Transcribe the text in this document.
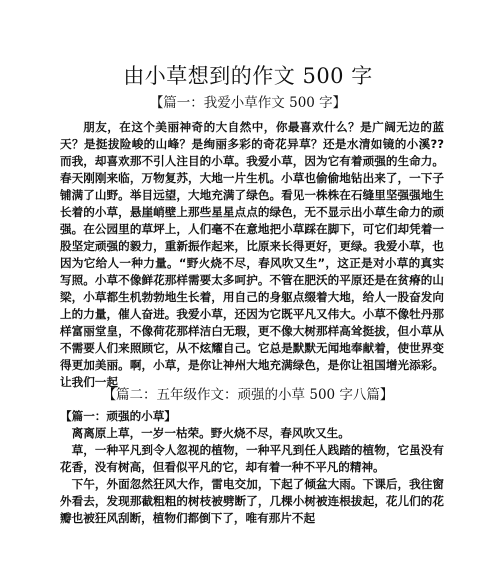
由小草想到的作文 500 字
【篇一：我爱小草作文 500 字】

朋友，在这个美丽神奇的大自然中，你最喜欢什么？是广阔无边的蓝天？是挺拔险峻的山峰？是绚丽多彩的奇花异草？还是水清如镜的小溪??而我，却喜欢那不引人注目的小草。我爱小草，因为它有着顽强的生命力。春天刚刚来临，万物复苏，大地一片生机。小草也偷偷地钻出来了，一下子铺满了山野。举目远望，大地充满了绿色。看见一株株在石缝里坚强强地生长着的小草，悬崖峭壁上那些星星点点的绿色，无不显示出小草生命力的顽强。在公园里的草坪上，人们毫不在意地把小草踩在脚下，可它们却凭着一股坚定顽强的毅力，重新振作起来，比原来长得更好，更绿。我爱小草，也因为它给人一种力量。“野火烧不尽，春风吹又生”，这正是对小草的真实写照。小草不像鲜花那样需要太多呵护。不管在肥沃的平原还是在贫瘠的山梁，小草都生机勃勃地生长着，用自己的身躯点缀着大地，给人一股奋发向上的力量，催人奋进。我爱小草，还因为它既平凡又伟大。小草不像牡丹那样富丽堂皇，不像荷花那样洁白无瑕，更不像大树那样高耸挺拔，但小草从不需要人们来照顾它，从不炫耀自己。它总是默默无闻地奉献着，使世界变得更加美丽。啊，小草，是你让神州大地充满绿色，是你让祖国增光添彩。让我们一起

【篇二：五年级作文：顽强的小草 500 字八篇】

【篇一：顽强的小草】

离离原上草，一岁一枯荣。野火烧不尽，春风吹又生。

草，一种平凡到令人忽视的植物，一种平凡到任人践踏的植物，它虽没有花香，没有树高，但看似平凡的它，却有着一种不平凡的精神。

下午，外面忽然狂风大作，雷电交加，下起了倾盆大雨。下课后，我往窗外看去，发现那截粗粗的树枝被劈断了，几棵小树被连根拔起，花儿们的花瓣也被狂风刮断，植物们都倒下了，唯有那片不起
